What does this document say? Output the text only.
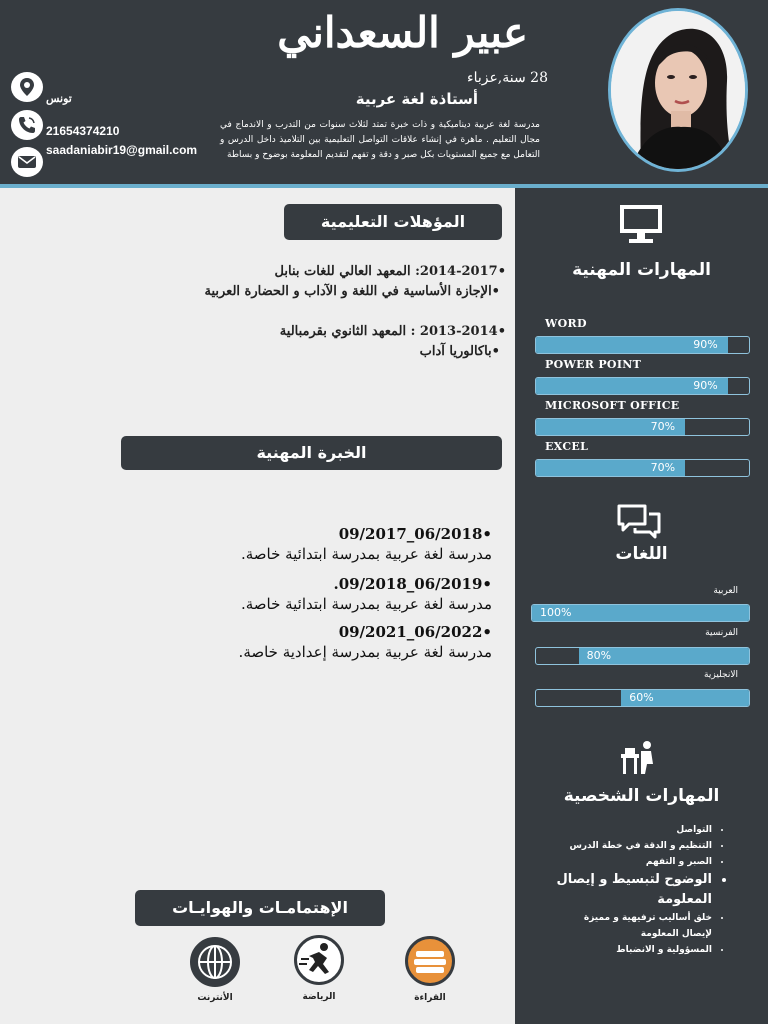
عبير السعداني
28 سنة,عزباء
أستاذة لغة عربية
مدرسة لغة عربية ديناميكية و ذات خبرة تمتد لثلاث سنوات من التدرب و الاندماج في مجال التعليم . ماهرة في إنشاء علاقات التواصل التعليمية بين التلاميذ داخل الدرس و التعامل مع جميع المستويات بكل صبر و دقة و تفهم لتقديم المعلومة بوضوح و بساطة
تونس
21654374210
saadaniabir19@gmail.com
المهارات المهنية
WORD
90%
POWER POINT
90%
MICROSOFT OFFICE
70%
EXCEL
70%
اللغات
العربية
100%
الفرنسية
80%
الانجليزية
60%
المهارات الشخصية
• التواصل
• التنظيم و الدقة في خطة الدرس
• الصبر و التفهم
• الوضوح لتبسيط و إيصال المعلومة
• خلق أساليب ترفيهية و مميزة لإيصال المعلومة
• المسؤولية و الانضباط
المؤهلات التعليمية
•2014-2017: المعهد العالي للغات بنابل
•الإجازة الأساسية في اللغة و الآداب و الحضارة العربية
•2013-2014 : المعهد الثانوي بقرمبالية
•باكالوريا آداب
الخبرة المهنية
•06/2018_09/2017
مدرسة لغة عربية بمدرسة ابتدائية خاصة.
•06/2019_09/2018.
مدرسة لغة عربية بمدرسة ابتدائية خاصة.
•06/2022_09/2021
مدرسة لغة عربية بمدرسة إعدادية خاصة.
الإهتمامـات والهوايـات
القراءة
الرياضة
الأنترنت
